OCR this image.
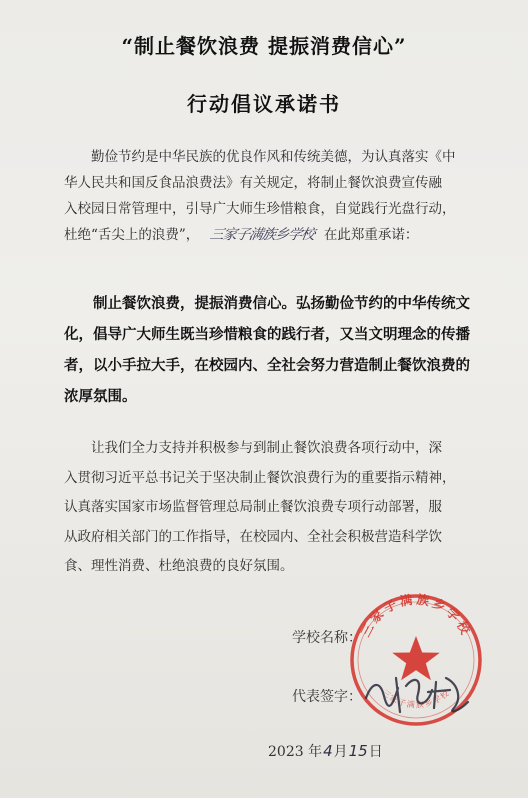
“制止餐饮浪费 提振消费信心”
行动倡议承诺书
　　勤俭节约是中华民族的优良作风和传统美德，为认真落实《中
华人民共和国反食品浪费法》有关规定，将制止餐饮浪费宣传融
入校园日常管理中，引导广大师生珍惜粮食，自觉践行光盘行动，
杜绝“舌尖上的浪费”， 三家子满族乡学校 在此郑重承诺：
　　制止餐饮浪费，提振消费信心。弘扬勤俭节约的中华传统文
化，倡导广大师生既当珍惜粮食的践行者，又当文明理念的传播
者，以小手拉大手，在校园内、全社会努力营造制止餐饮浪费的
浓厚氛围。
　　让我们全力支持并积极参与到制止餐饮浪费各项行动中，深
入贯彻习近平总书记关于坚决制止餐饮浪费行为的重要指示精神，
认真落实国家市场监督管理总局制止餐饮浪费专项行动部署，服
从政府相关部门的工作指导，在校园内、全社会积极营造科学饮
食、理性消费、杜绝浪费的良好氛围。
学校名称：
代表签字：
三家子满族乡学校
三家子满族乡学校
2023 年4月15日
